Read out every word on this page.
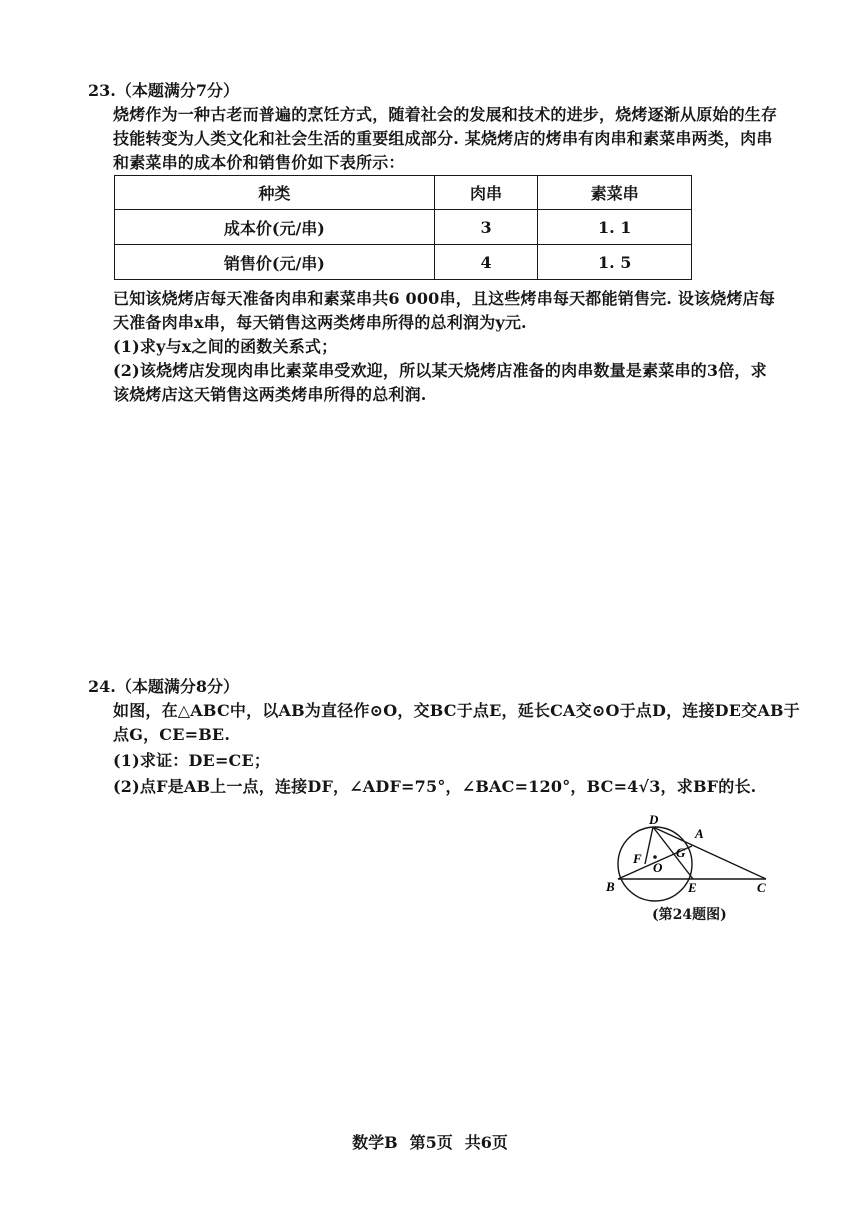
23.（本题满分7分）
烧烤作为一种古老而普遍的烹饪方式，随着社会的发展和技术的进步，烧烤逐渐从原始的生存
技能转变为人类文化和社会生活的重要组成部分. 某烧烤店的烤串有肉串和素菜串两类，肉串
和素菜串的成本价和销售价如下表所示：
种类	肉串	素菜串
成本价(元/串)	3	1. 1
销售价(元/串)	4	1. 5
已知该烧烤店每天准备肉串和素菜串共6 000串，且这些烤串每天都能销售完. 设该烧烤店每
天准备肉串x串，每天销售这两类烤串所得的总利润为y元.
(1)求y与x之间的函数关系式；
(2)该烧烤店发现肉串比素菜串受欢迎，所以某天烧烤店准备的肉串数量是素菜串的3倍，求
该烧烤店这天销售这两类烤串所得的总利润.
24.（本题满分8分）
如图，在△ABC中，以AB为直径作⊙O，交BC于点E，延长CA交⊙O于点D，连接DE交AB于
点G，CE=BE.
(1)求证：DE=CE；
(2)点F是AB上一点，连接DF，∠ADF=75°，∠BAC=120°，BC=4√3，求BF的长.
D
A
G
F
O
B	E	C
(第24题图)
数学B 第5页 共6页
